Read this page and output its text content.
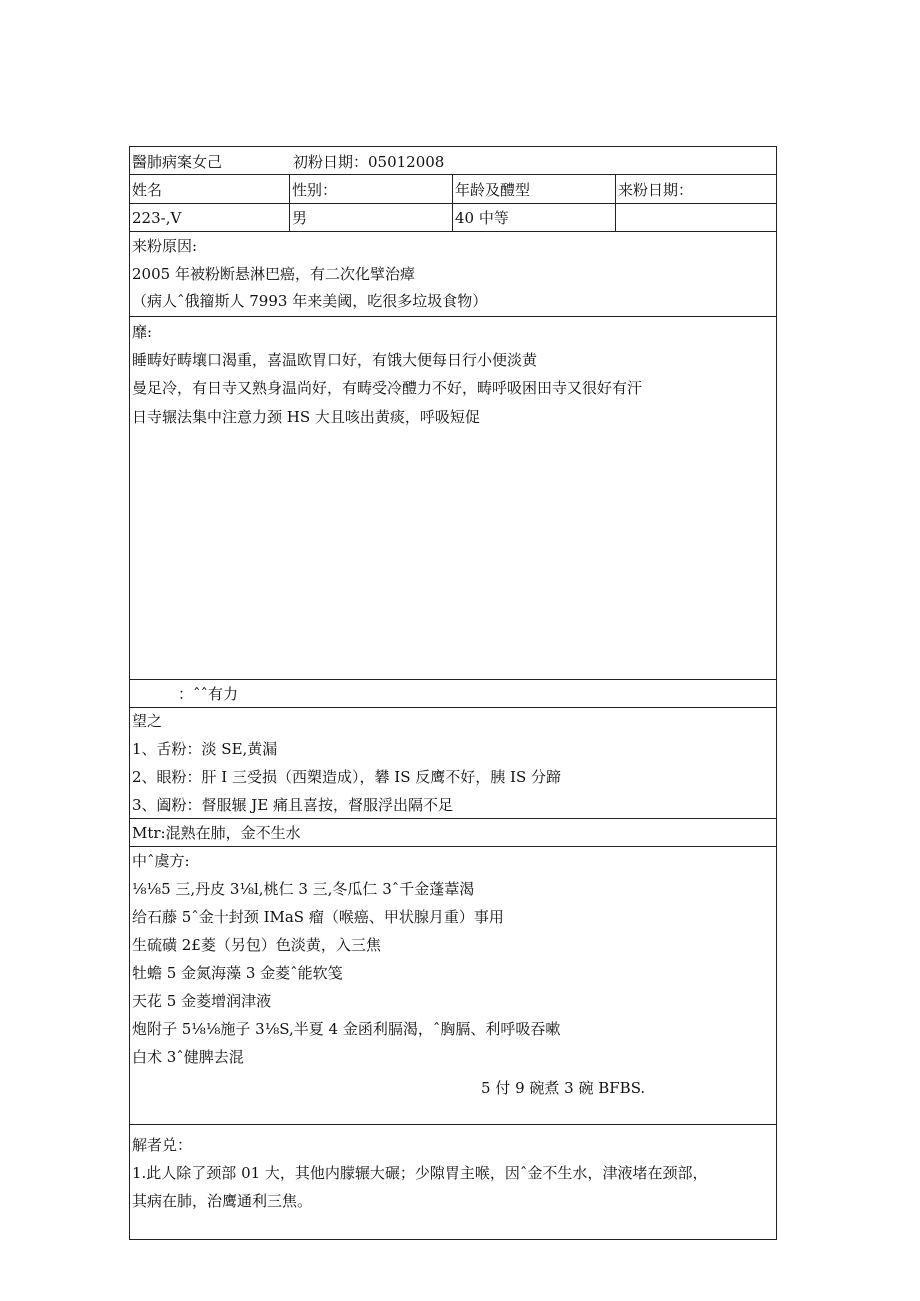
醫肺病案女己	初粉日期：05012008
姓名	性别：	年龄及醴型	来粉日期：
223-,V	男	40 中等
来粉原因:
2005 年被粉断悬淋巴癌，有二次化擘治瘴
（病人ˆ俄籀斯人 7993 年来美阈，吃很多垃圾食物）
靡:
睡畴好畴壤口渴重，喜温欧胃口好，有饿大便每日行小便淡黄
曼足冷，有日寺又熟身温尚好，有畴受冷醴力不好，畴呼吸困田寺又很好有汗
日寺辗法集中注意力颈 HS 大且咳出黄痰，呼吸短促
：ˆˆ有力
望之
1、舌粉：淡 SE,黄漏
2、眼粉：肝 I 三受损（西槊造成），礬 IS 反鹰不好，胰 IS 分蹄
3、阖粉：督服辗 JE 痛且喜按，督服浮出隔不足
Mtr:混熟在肺，金不生水
中ˆ虞方:
⅛⅛5 三,丹皮 3⅛l,桃仁 3 三,冬瓜仁 3ˆ千金蓬葦渴
给石藤 5ˆ金十封颈 IMaS 瘤（喉癌、甲状腺月重）事用
生硫磺 2£菱（另包）色淡黄，入三焦
牡蟾 5 金氮海藻 3 金菱ˆ能软笺
天花 5 金菱增润津液
炮附子 5⅛⅛施子 3⅛S,半夏 4 金函利膈渴，ˆ胸膈、利呼吸吞嗽
白术 3ˆ健脾去混
5 付 9 碗煮 3 碗 BFBS.
解者兑：
1.此人除了颈部 01 大，其他内朦辗大碾；少隙胃主喉，因ˆ金不生水，津液堵在颈部，
其病在肺，治鹰通利三焦。
